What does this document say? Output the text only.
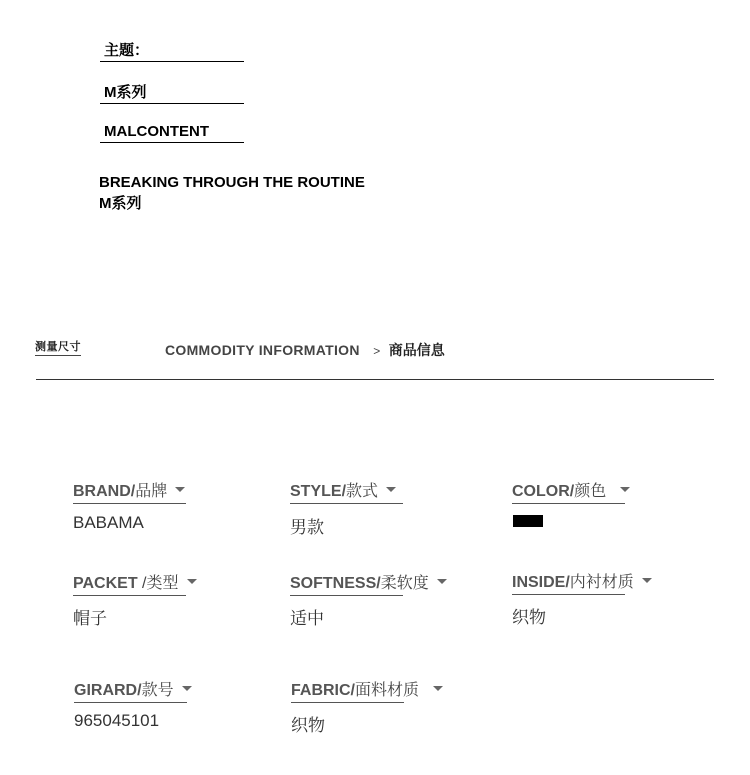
主题：
M系列
MALCONTENT
BREAKING THROUGH THE ROUTINE
M系列
测量尺寸	COMMODITY INFORMATION > 商品信息
BRAND/品牌
BABAMA
STYLE/款式
男款
COLOR/颜色
PACKET /类型
帽子
SOFTNESS/柔软度
适中
INSIDE/内衬材质
织物
GIRARD/款号
965045101
FABRIC/面料材质
织物
